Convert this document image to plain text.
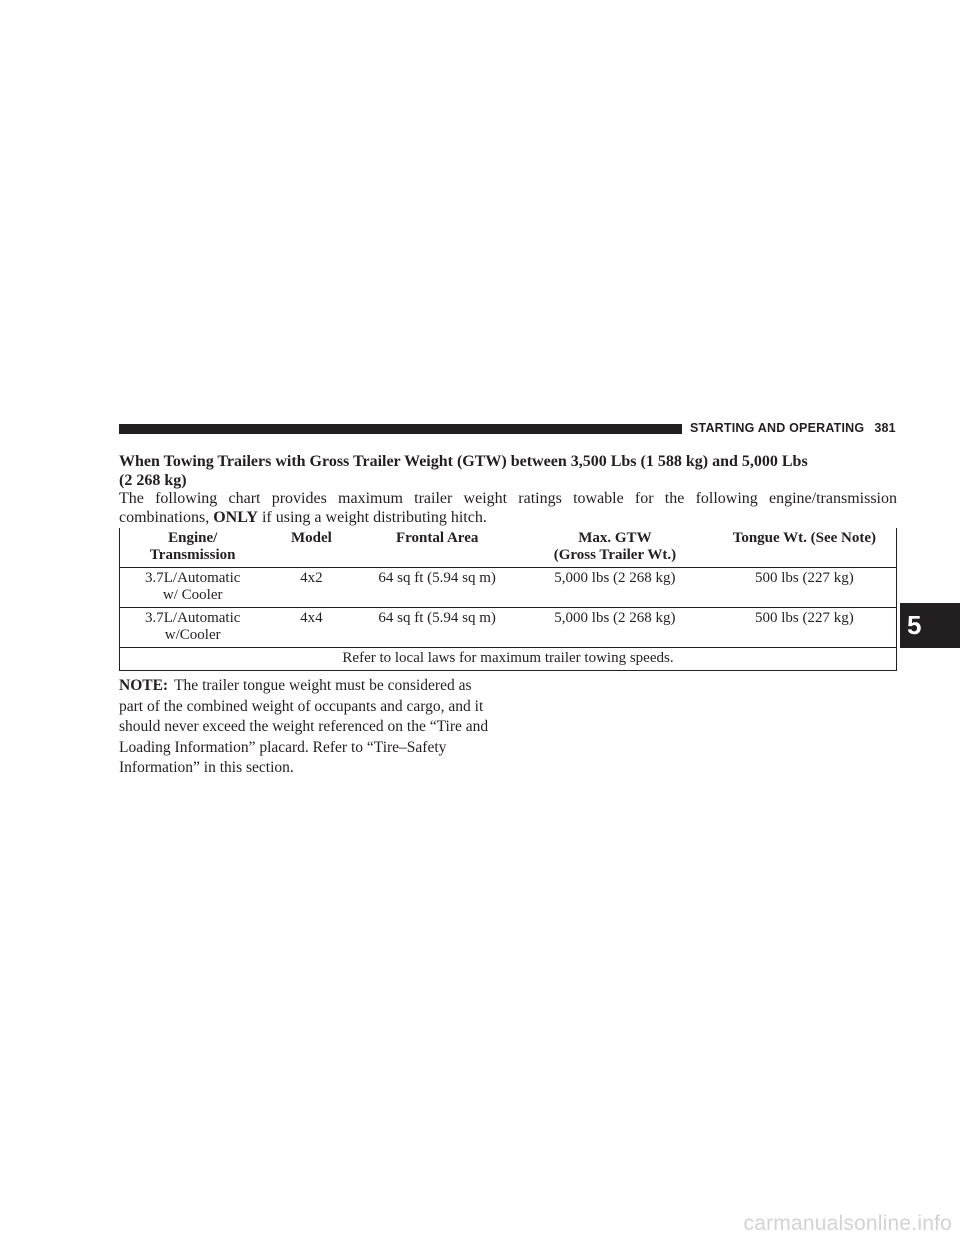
STARTING AND OPERATING 381
When Towing Trailers with Gross Trailer Weight (GTW) between 3,500 Lbs (1 588 kg) and 5,000 Lbs
(2 268 kg)
The following chart provides maximum trailer weight ratings towable for the following engine/transmission combinations, ONLY if using a weight distributing hitch.
Engine/
Transmission	Model	Frontal Area	Max. GTW
(Gross Trailer Wt.)	Tongue Wt. (See Note)
3.7L/Automatic
w/ Cooler	4x2	64 sq ft (5.94 sq m)	5,000 lbs (2 268 kg)	500 lbs (227 kg)
3.7L/Automatic
w/Cooler	4x4	64 sq ft (5.94 sq m)	5,000 lbs (2 268 kg)	500 lbs (227 kg)
Refer to local laws for maximum trailer towing speeds.				
NOTE: The trailer tongue weight must be considered as part of the combined weight of occupants and cargo, and it should never exceed the weight referenced on the “Tire and Loading Information” placard. Refer to “Tire–Safety Information” in this section.
5
carmanualsonline.info
